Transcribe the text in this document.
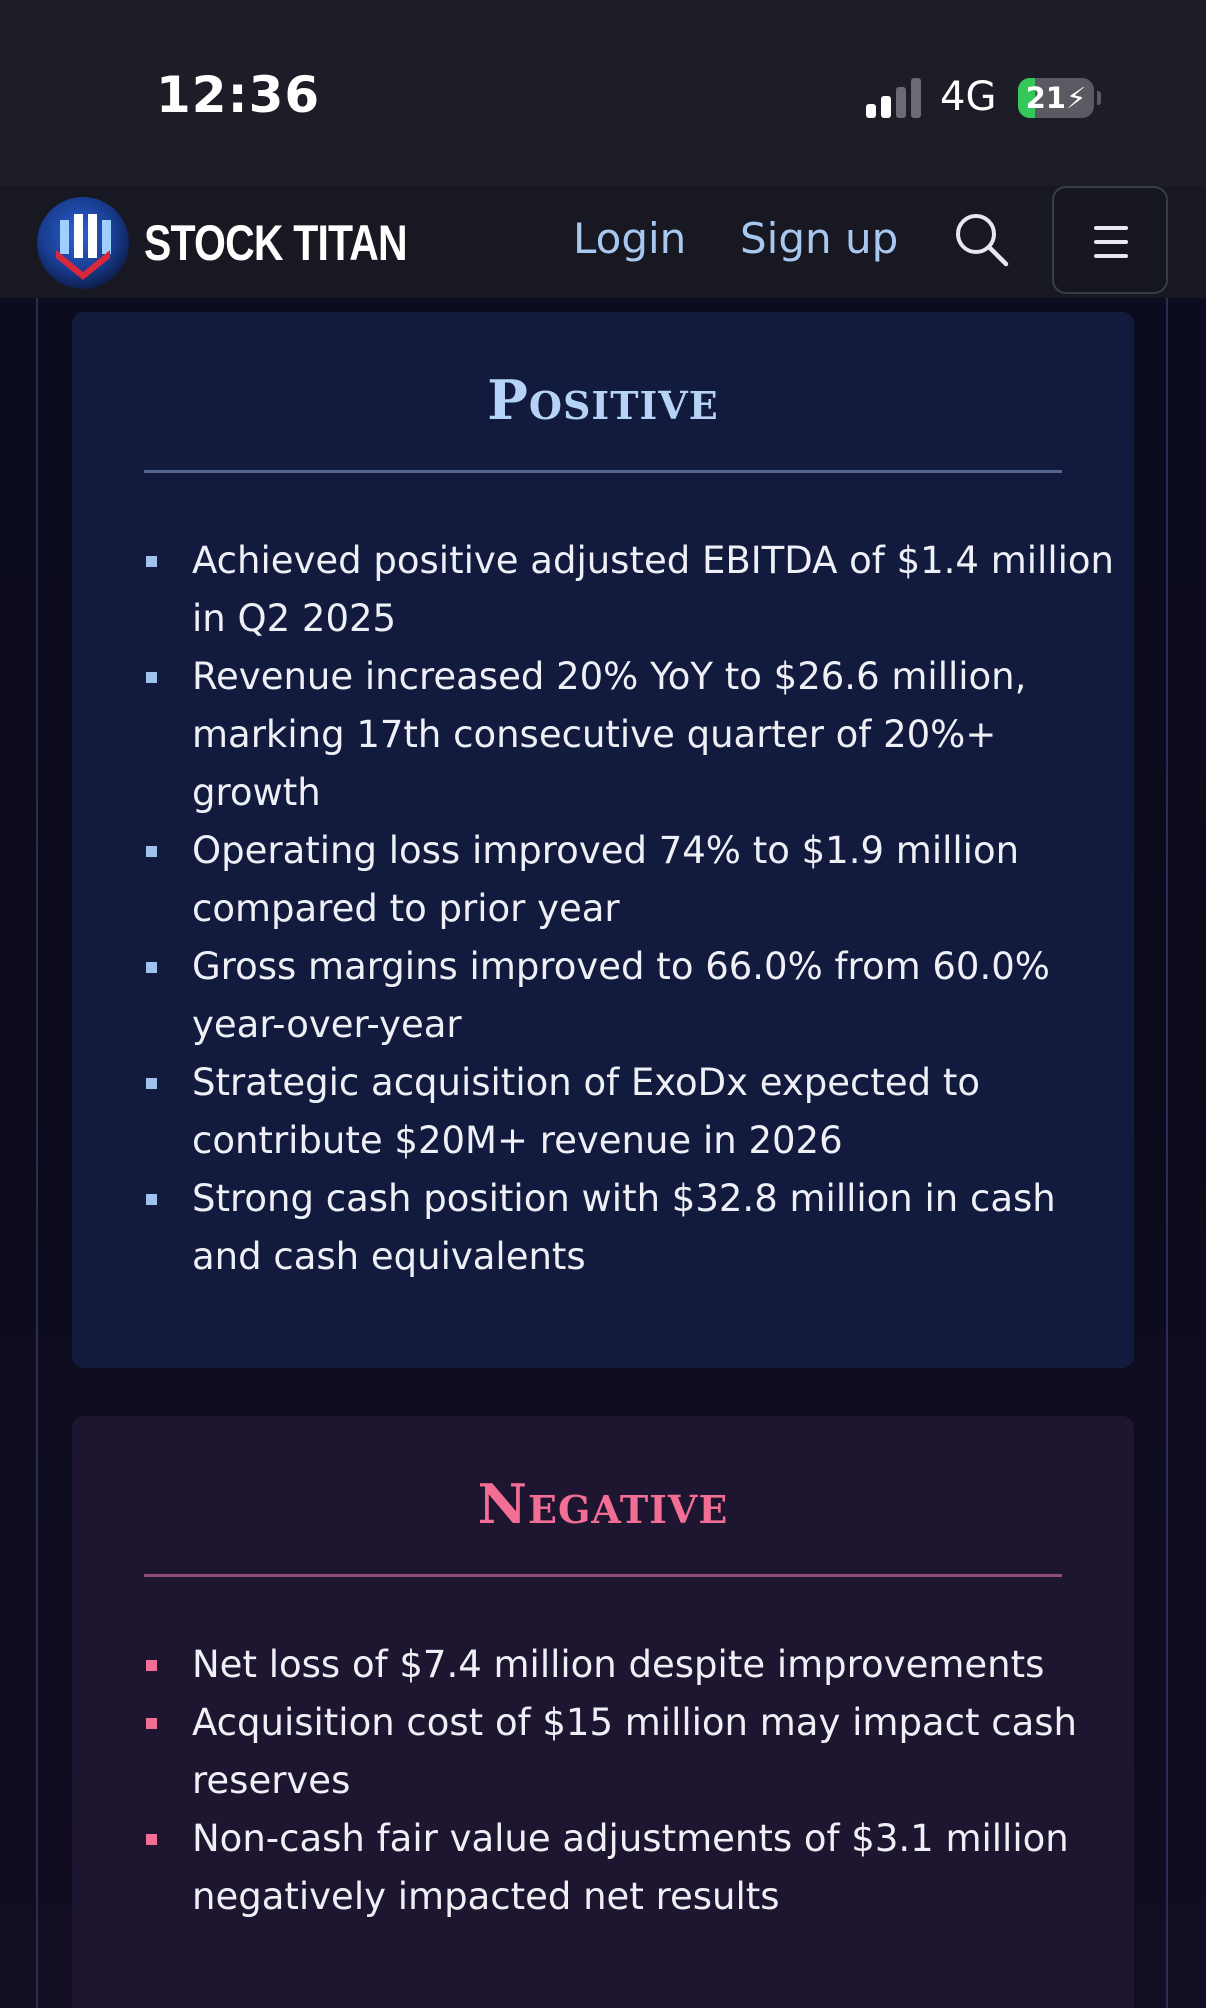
12:36	4G 21⚡
STOCK TITAN	Login Sign up
Positive
Achieved positive adjusted EBITDA of $1.4 million in Q2 2025
Revenue increased 20% YoY to $26.6 million, marking 17th consecutive quarter of 20%+ growth
Operating loss improved 74% to $1.9 million compared to prior year
Gross margins improved to 66.0% from 60.0% year-over-year
Strategic acquisition of ExoDx expected to contribute $20M+ revenue in 2026
Strong cash position with $32.8 million in cash and cash equivalents
Negative
Net loss of $7.4 million despite improvements
Acquisition cost of $15 million may impact cash reserves
Non-cash fair value adjustments of $3.1 million negatively impacted net results
